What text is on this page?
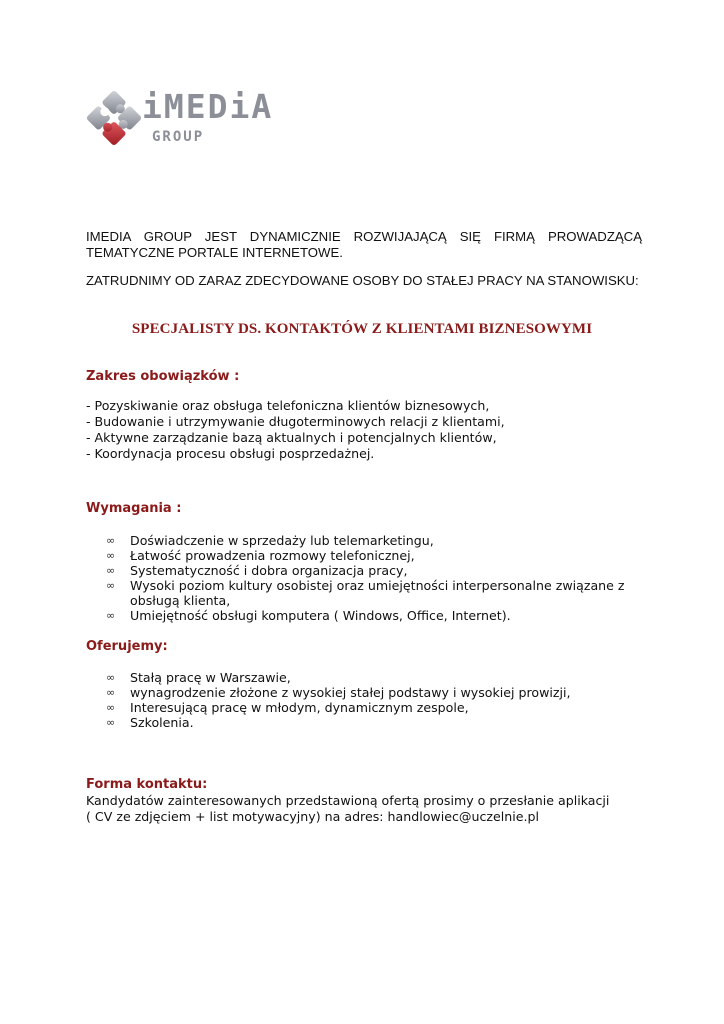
iMEDiA
GROUP

IMEDIA GROUP JEST DYNAMICZNIE ROZWIJAJĄCĄ SIĘ FIRMĄ PROWADZĄCĄ TEMATYCZNE PORTALE INTERNETOWE.

ZATRUDNIMY OD ZARAZ ZDECYDOWANE OSOBY DO STAŁEJ PRACY NA STANOWISKU:

SPECJALISTY DS. KONTAKTÓW Z KLIENTAMI BIZNESOWYMI
Zakres obowiązków :
- Pozyskiwanie oraz obsługa telefoniczna klientów biznesowych,
- Budowanie i utrzymywanie długoterminowych relacji z klientami,
- Aktywne zarządzanie bazą aktualnych i potencjalnych klientów,
- Koordynacja procesu obsługi posprzedażnej.
Wymagania :
∞ Doświadczenie w sprzedaży lub telemarketingu,
∞ Łatwość prowadzenia rozmowy telefonicznej,
∞ Systematyczność i dobra organizacja pracy,
∞ Wysoki poziom kultury osobistej oraz umiejętności interpersonalne związane z obsługą klienta,
∞ Umiejętność obsługi komputera ( Windows, Office, Internet).
Oferujemy:
∞ Stałą pracę w Warszawie,
∞ wynagrodzenie złożone z wysokiej stałej podstawy i wysokiej prowizji,
∞ Interesującą pracę w młodym, dynamicznym zespole,
∞ Szkolenia.
Forma kontaktu:

Kandydatów zainteresowanych przedstawioną ofertą prosimy o przesłanie aplikacji
( CV ze zdjęciem + list motywacyjny) na adres: handlowiec@uczelnie.pl
